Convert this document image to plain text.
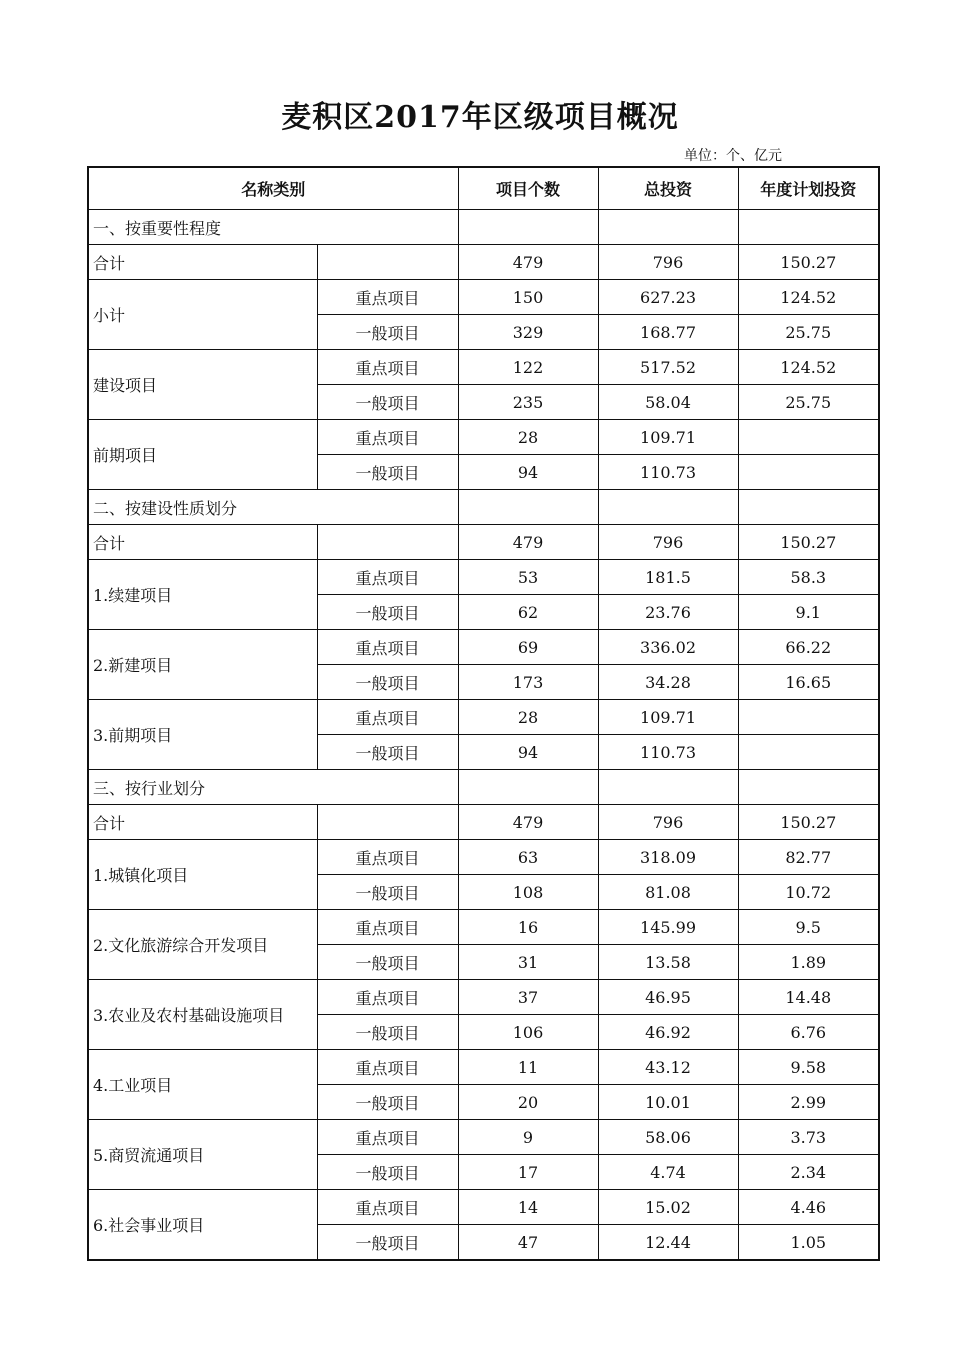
麦积区2017年区级项目概况
单位：个、亿元
名称类别		项目个数	总投资	年度计划投资
一、按重要性程度				
合计		479	796	150.27
小计	重点项目	150	627.23	124.52
	一般项目	329	168.77	25.75
建设项目	重点项目	122	517.52	124.52
	一般项目	235	58.04	25.75
前期项目	重点项目	28	109.71	
	一般项目	94	110.73	
二、按建设性质划分				
合计		479	796	150.27
1.续建项目	重点项目	53	181.5	58.3
	一般项目	62	23.76	9.1
2.新建项目	重点项目	69	336.02	66.22
	一般项目	173	34.28	16.65
3.前期项目	重点项目	28	109.71	
	一般项目	94	110.73	
三、按行业划分				
合计		479	796	150.27
1.城镇化项目	重点项目	63	318.09	82.77
	一般项目	108	81.08	10.72
2.文化旅游综合开发项目	重点项目	16	145.99	9.5
	一般项目	31	13.58	1.89
3.农业及农村基础设施项目	重点项目	37	46.95	14.48
	一般项目	106	46.92	6.76
4.工业项目	重点项目	11	43.12	9.58
	一般项目	20	10.01	2.99
5.商贸流通项目	重点项目	9	58.06	3.73
	一般项目	17	4.74	2.34
6.社会事业项目	重点项目	14	15.02	4.46
	一般项目	47	12.44	1.05
